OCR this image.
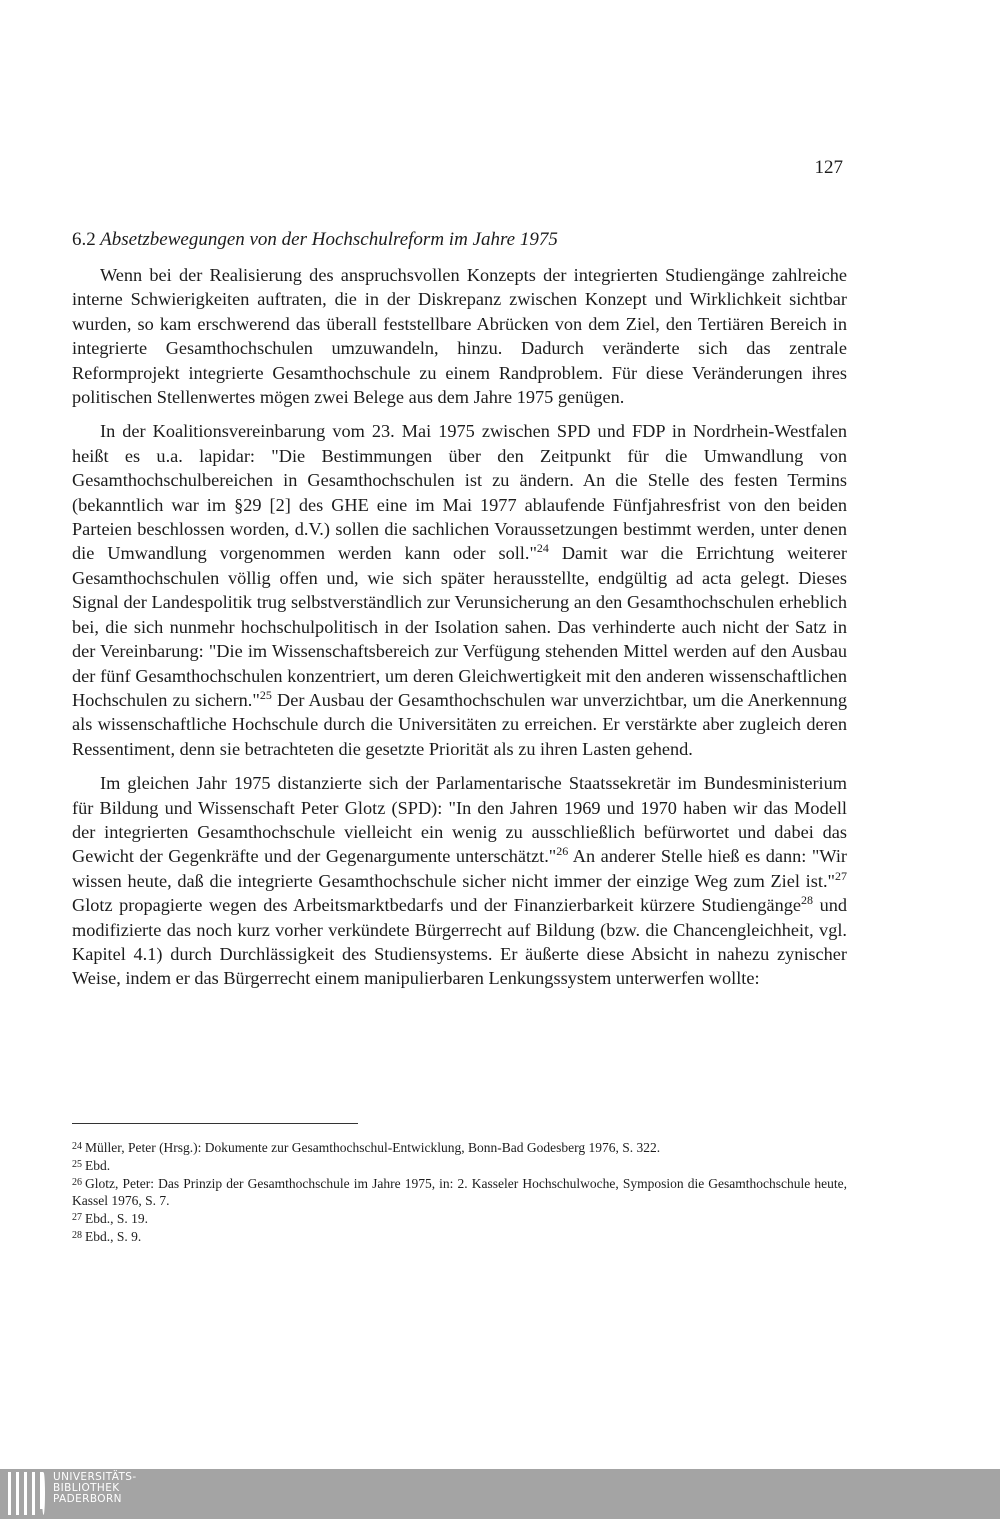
127
6.2 Absetzbewegungen von der Hochschulreform im Jahre 1975

Wenn bei der Realisierung des anspruchsvollen Konzepts der integrierten Studiengänge zahlreiche interne Schwierigkeiten auftraten, die in der Diskrepanz zwischen Konzept und Wirklichkeit sichtbar wurden, so kam erschwerend das überall feststellbare Abrücken von dem Ziel, den Tertiären Bereich in integrierte Gesamthochschulen umzuwandeln, hinzu. Dadurch veränderte sich das zentrale Reformprojekt integrierte Gesamthochschule zu einem Randproblem. Für diese Veränderungen ihres politischen Stellenwertes mögen zwei Belege aus dem Jahre 1975 genügen.

In der Koalitionsvereinbarung vom 23. Mai 1975 zwischen SPD und FDP in Nordrhein-Westfalen heißt es u.a. lapidar: "Die Bestimmungen über den Zeitpunkt für die Umwandlung von Gesamthochschulbereichen in Gesamthochschulen ist zu ändern. An die Stelle des festen Termins (bekanntlich war im §29 [2] des GHE eine im Mai 1977 ablaufende Fünfjahresfrist von den beiden Parteien beschlossen worden, d.V.) sollen die sachlichen Voraussetzungen bestimmt werden, unter denen die Umwandlung vorgenommen werden kann oder soll."$^{24}$ Damit war die Errichtung weiterer Gesamthochschulen völlig offen und, wie sich später herausstellte, endgültig ad acta gelegt. Dieses Signal der Landespolitik trug selbstverständlich zur Verunsicherung an den Gesamthochschulen erheblich bei, die sich nunmehr hochschulpolitisch in der Isolation sahen. Das verhinderte auch nicht der Satz in der Vereinbarung: "Die im Wissenschaftsbereich zur Verfügung stehenden Mittel werden auf den Ausbau der fünf Gesamthochschulen konzentriert, um deren Gleichwertigkeit mit den anderen wissenschaftlichen Hochschulen zu sichern."$^{25}$ Der Ausbau der Gesamthochschulen war unverzichtbar, um die Anerkennung als wissenschaftliche Hochschule durch die Universitäten zu erreichen. Er verstärkte aber zugleich deren Ressentiment, denn sie betrachteten die gesetzte Priorität als zu ihren Lasten gehend.

Im gleichen Jahr 1975 distanzierte sich der Parlamentarische Staatssekretär im Bundesministerium für Bildung und Wissenschaft Peter Glotz (SPD): "In den Jahren 1969 und 1970 haben wir das Modell der integrierten Gesamthochschule vielleicht ein wenig zu ausschließlich befürwortet und dabei das Gewicht der Gegenkräfte und der Gegenargumente unterschätzt."$^{26}$ An anderer Stelle hieß es dann: "Wir wissen heute, daß die integrierte Gesamthochschule sicher nicht immer der einzige Weg zum Ziel ist."$^{27}$ Glotz propagierte wegen des Arbeitsmarktbedarfs und der Finanzierbarkeit kürzere Studiengänge$^{28}$ und modifizierte das noch kurz vorher verkündete Bürgerrecht auf Bildung (bzw. die Chancengleichheit, vgl. Kapitel 4.1) durch Durchlässigkeit des Studiensystems. Er äußerte diese Absicht in nahezu zynischer Weise, indem er das Bürgerrecht einem manipulierbaren Lenkungssystem unterwerfen wollte:

$^{24}$ Müller, Peter (Hrsg.): Dokumente zur Gesamthochschul-Entwicklung, Bonn-Bad Godesberg 1976, S. 322.

$^{25}$ Ebd.

$^{26}$ Glotz, Peter: Das Prinzip der Gesamthochschule im Jahre 1975, in: 2. Kasseler Hochschulwoche, Symposion die Gesamthochschule heute, Kassel 1976, S. 7.

$^{27}$ Ebd., S. 19.

$^{28}$ Ebd., S. 9.

UNIVERSITÄTS-
BIBLIOTHEK
PADERBORN
